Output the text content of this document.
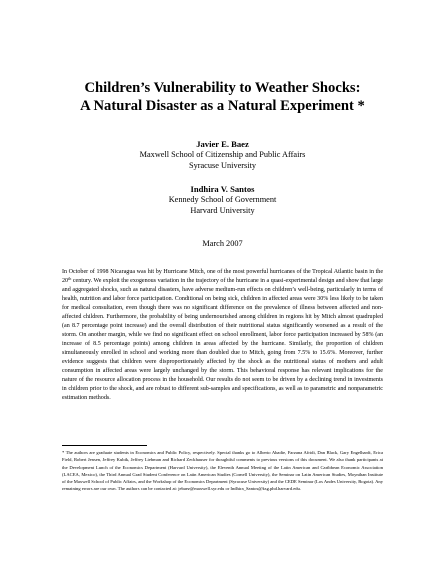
Children’s Vulnerability to Weather Shocks:
A Natural Disaster as a Natural Experiment *
Javier E. Baez
Maxwell School of Citizenship and Public Affairs
Syracuse University
Indhira V. Santos
Kennedy School of Government
Harvard University
March 2007
In October of 1998 Nicaragua was hit by Hurricane Mitch, one of the most powerful hurricanes of the Tropical Atlantic basin in the 20th century. We exploit the exogenous variation in the trajectory of the hurricane in a quasi-experimental design and show that large and aggregated shocks, such as natural disasters, have adverse medium-run effects on children’s well-being, particularly in terms of health, nutrition and labor force participation. Conditional on being sick, children in affected areas were 30% less likely to be taken for medical consultation, even though there was no significant difference on the prevalence of illness between affected and non-affected children. Furthermore, the probability of being undernourished among children in regions hit by Mitch almost quadrupled (an 8.7 percentage point increase) and the overall distribution of their nutritional status significantly worsened as a result of the storm. On another margin, while we find no significant effect on school enrollment, labor force participation increased by 58% (an increase of 8.5 percentage points) among children in areas affected by the hurricane. Similarly, the proportion of children simultaneously enrolled in school and working more than doubled due to Mitch, going from 7.5% to 15.6%. Moreover, further evidence suggests that children were disproportionately affected by the shock as the nutritional status of mothers and adult consumption in affected areas were largely unchanged by the storm. This behavioral response has relevant implications for the nature of the resource allocation process in the household. Our results do not seem to be driven by a declining trend in investments in children prior to the shock, and are robust to different sub-samples and specifications, as well as to parametric and nonparametric estimation methods.
* The authors are graduate students in Economics and Public Policy, respectively. Special thanks go to Alberto Abadie, Farzana Afridi, Dan Black, Gary Engelhardt, Erica Field, Robert Jensen, Jeffrey Kubik, Jeffrey Liebman and Richard Zeckhauser for thoughtful comments to previous versions of this document. We also thank participants at the Development Lunch of the Economics Department (Harvard University), the Eleventh Annual Meeting of the Latin American and Caribbean Economic Association (LACEA, Mexico), the Third Annual Grad Student Conference on Latin American Studies (Cornell University), the Seminar on Latin American Studies, Moynihan Institute of the Maxwell School of Public Affairs, and the Workshop of the Economics Department (Syracuse University) and the CEDE Seminar (Los Andes University, Bogota). Any remaining errors are our own. The authors can be contacted at: jebaez@maxwell.syr.edu or Indhira_Santos@ksg.phd.harvard.edu.
